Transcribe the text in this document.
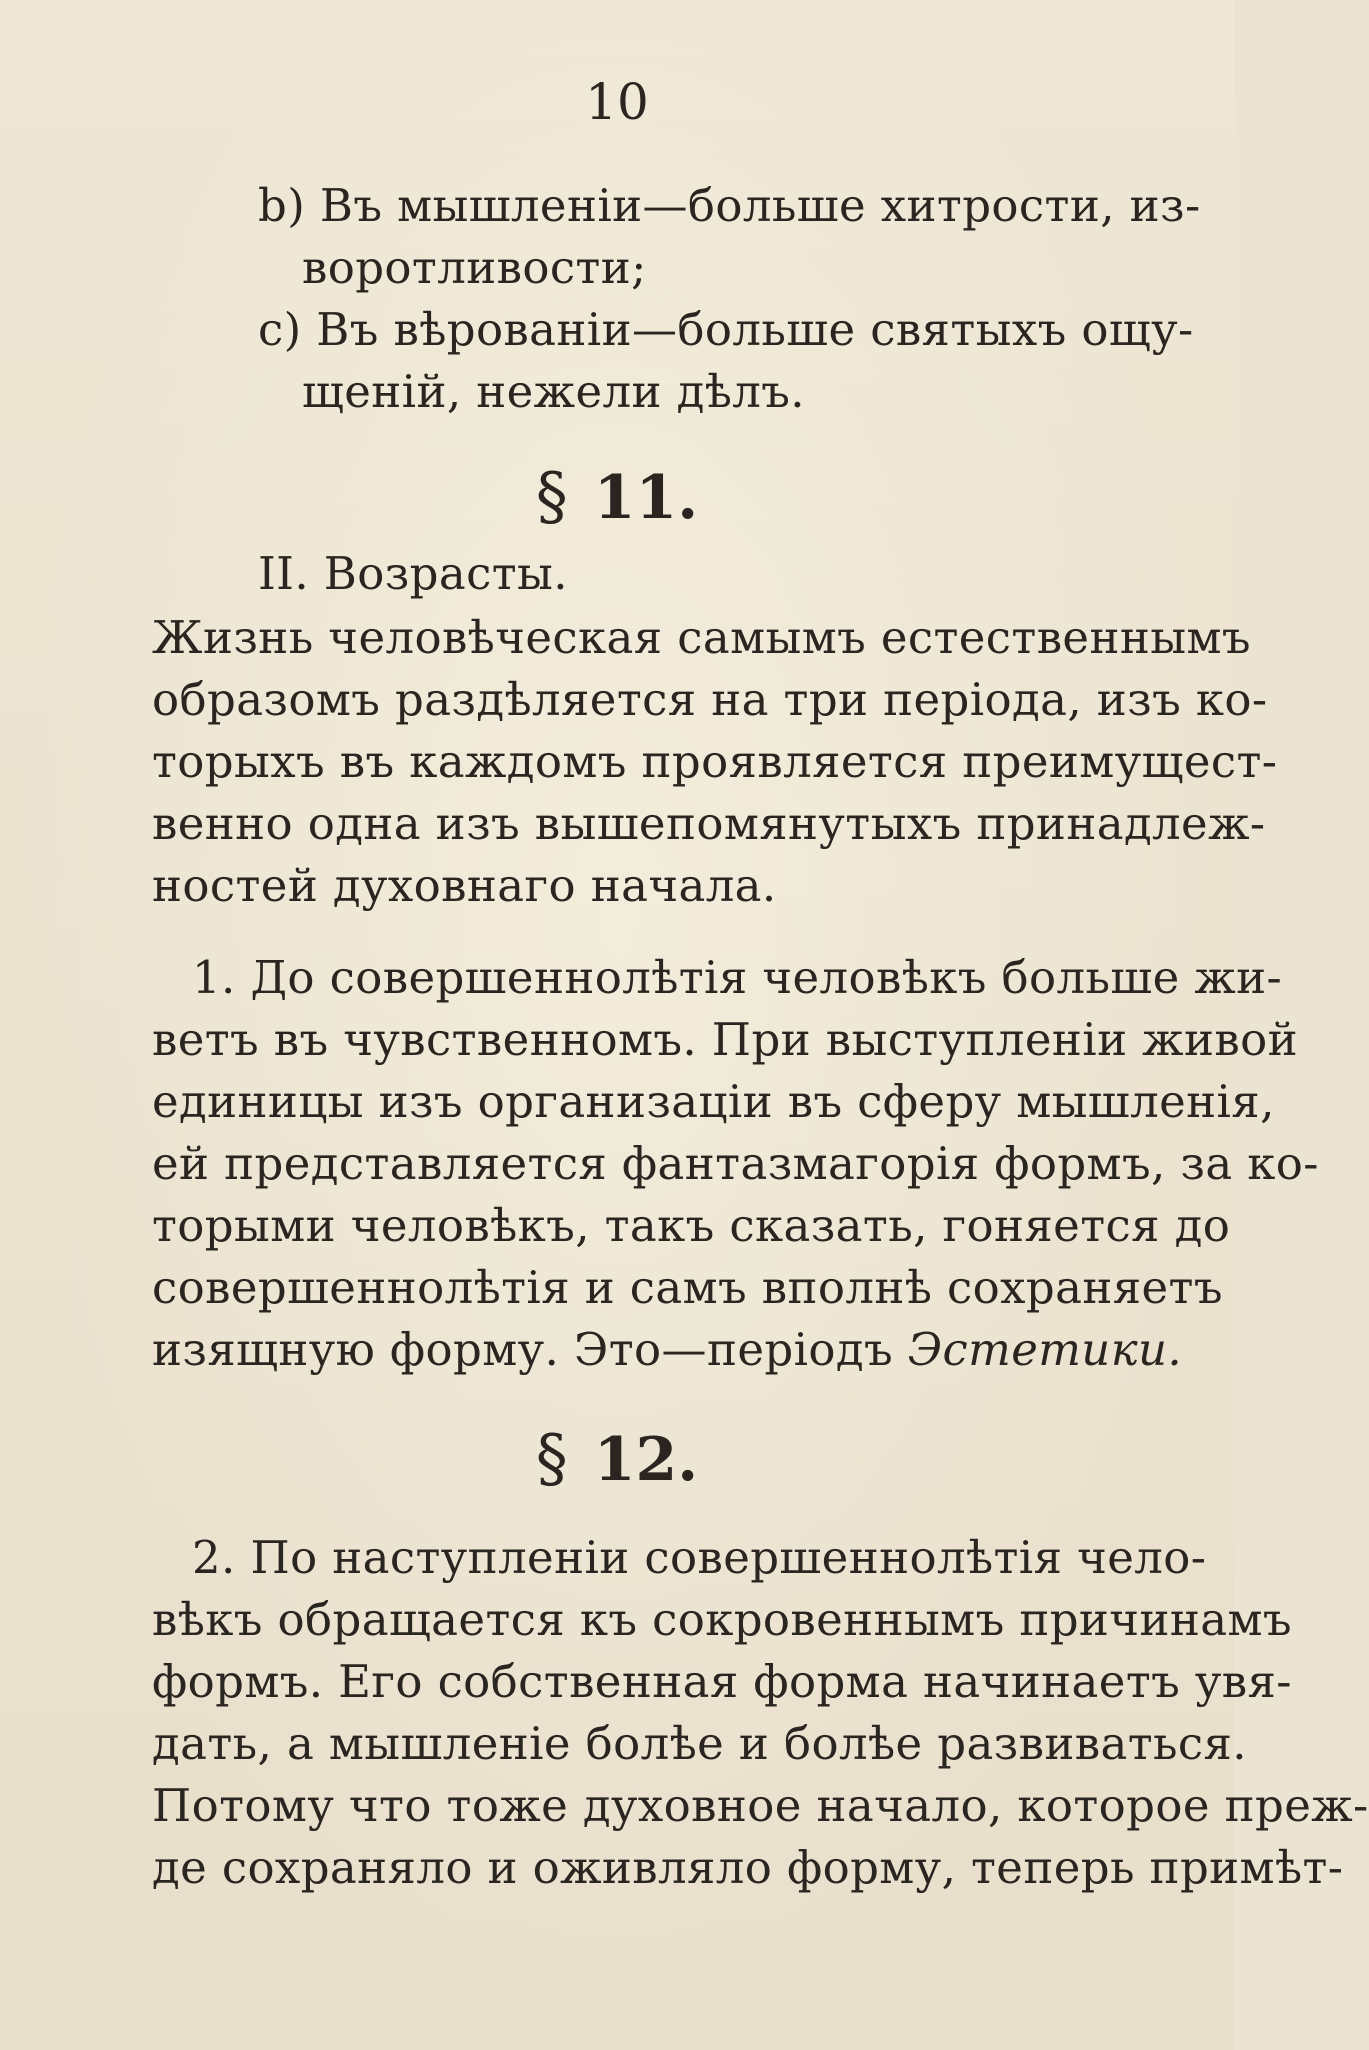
10
b) Въ мышленіи—больше хитрости, из-
воротливости;
c) Въ вѣрованіи—больше святыхъ ощу-
щеній, нежели дѣлъ.
§ 11.
II. Возрасты.
Жизнь человѣческая самымъ естественнымъ
образомъ раздѣляется на три періода, изъ ко-
торыхъ въ каждомъ проявляется преимущест-
венно одна изъ вышепомянутыхъ принадлеж-
ностей духовнаго начала.
1. До совершеннолѣтія человѣкъ больше жи-
ветъ въ чувственномъ. При выступленіи живой
единицы изъ организаціи въ сферу мышленія,
ей представляется фантазмагорія формъ, за ко-
торыми человѣкъ, такъ сказать, гоняется до
совершеннолѣтія и самъ вполнѣ сохраняетъ
изящную форму. Это—періодъ Эстетики.
§ 12.
2. По наступленіи совершеннолѣтія чело-
вѣкъ обращается къ сокровеннымъ причинамъ
формъ. Его собственная форма начинаетъ увя-
дать, а мышленіе болѣе и болѣе развиваться.
Потому что тоже духовное начало, которое преж-
де сохраняло и оживляло форму, теперь примѣт-
